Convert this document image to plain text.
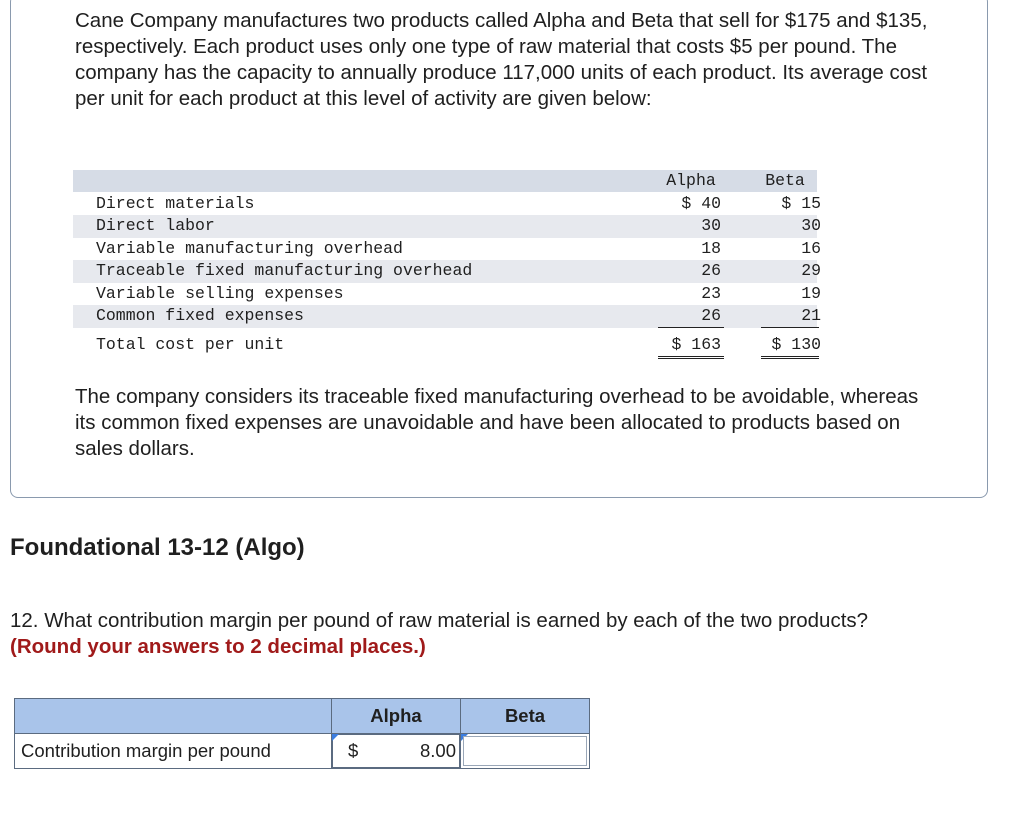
Cane Company manufactures two products called Alpha and Beta that sell for $175 and $135, respectively. Each product uses only one type of raw material that costs $5 per pound. The company has the capacity to annually produce 117,000 units of each product. Its average cost per unit for each product at this level of activity are given below:

Alpha	Beta
Direct materials	$ 40	$ 15
Direct labor	30	30
Variable manufacturing overhead	18	16
Traceable fixed manufacturing overhead	26	29
Variable selling expenses	23	19
Common fixed expenses	26	21
Total cost per unit	$ 163	$ 130

The company considers its traceable fixed manufacturing overhead to be avoidable, whereas its common fixed expenses are unavoidable and have been allocated to products based on sales dollars.

Foundational 13-12 (Algo)

12. What contribution margin per pound of raw material is earned by each of the two products?
(Round your answers to 2 decimal places.)

	Alpha	Beta
Contribution margin per pound	$ 8.00
